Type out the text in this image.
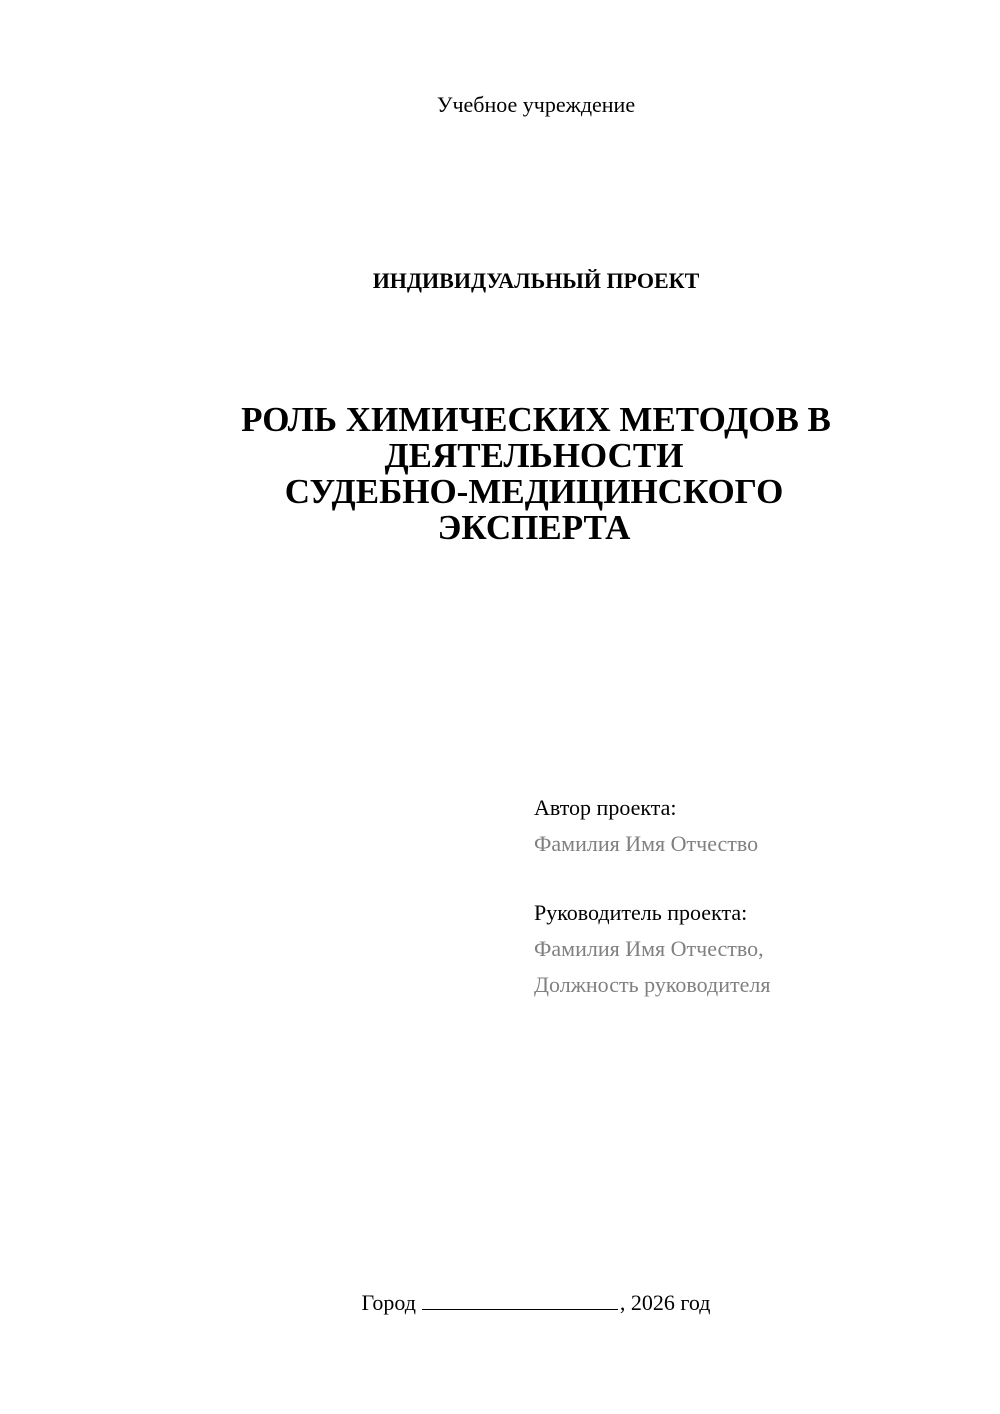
Учебное учреждение
ИНДИВИДУАЛЬНЫЙ ПРОЕКТ
РОЛЬ ХИМИЧЕСКИХ МЕТОДОВ В
ДЕЯТЕЛЬНОСТИ
СУДЕБНО-МЕДИЦИНСКОГО
ЭКСПЕРТА
Автор проекта:
Фамилия Имя Отчество
Руководитель проекта:
Фамилия Имя Отчество,
Должность руководителя
Город	, 2026 год
